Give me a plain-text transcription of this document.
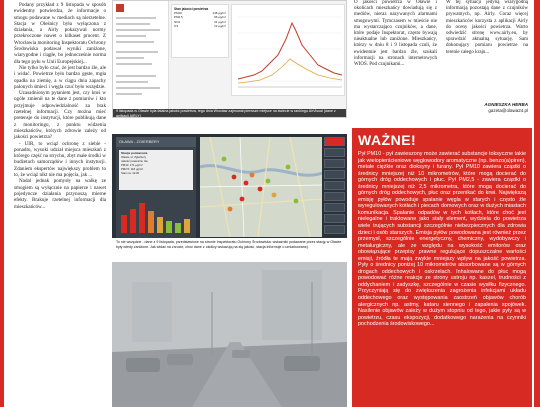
Podany przykład z 9 listopada w sposób ewidentny potwierdza, że informacje o smogu podawane w mediach są nierzetelne. Stacja w Oleśnicy była wyłączona z działania, a Airly pokazywał normy przekroczone nawet o kilkaset procent. Z Wrocławia monitoring Inspektoratu Ochrony Środowiska podawał wyniki zaniżone, wiarygodne i ciągłe, bo jednocześnie norma dla tego pyłu w Unii Europejskiej...

Nie tylko było czuć, że jest bardzo źle, ale i widać. Powietrze było bardzo gęste, mgła opadła na ziemię, a w ciągu dnia zapachy palonych śmieci i węgla czuć było wszędzie.

Uzasadnionym pytaniem jest, czy ktoś w ogóle zmienił na te dane z pomiarów i kto przyjmuje odpowiedzialność za brak rzetelnej informacji. Czy można mieć pretensje do instytucji, które publikują dane z monitoringu, z punktu widzenia mieszkańców, których zdrowie zależy od jakości powietrza?

- UIR, to wciąż ochronę z siebie - ponadto, wysoki udział miejsca mieszkań z którego część na strychu, zbyt małe środki w budżetach samorządów i innych instytucji. Zdaniem ekspertów największy problem to to, że wciąż nikt nie ma pojęcia, jak ...

Nadal jednak pomysły na walkę ze smogiem są wyłącznie na papierze i nawet pojedyncze działania przynoszą mierne efekty. Brakuje rzetelnej informacji dla mieszkańców...

Stan jakości powietrza
PM10	148 µg/m³
PM2.5	96 µg/m³
NO2	31 µg/m³
O3	12 µg/m³
9 listopada w Oławie była fatalna jakość powietrza, tego dnia Wrocław zajmował pierwsze miejsce na świecie w rankingu AirVisual (dane z aplikacji AIRLY)
OŁAWA - ZGIERBERY
Stacja pomiarowa
Oława, ul. Zgierbery
Jakość powietrza: zła
PM10: 171 µg/m³
PM2.5: 118 µg/m³
Stan na: 12:00
To nie wszędzie - dane z 9 listopada, przedstawione na stronie Inspektoratu Ochrony Środowiska: wskaźniki podawane przez stację w Oławie były wtedy zaniżone. Jak widać na zrzucie, choć dane z okolicy wskazują na złą jakość, stacja informuje o umiarkowanej.
O jakości powietrza w Oławie i okolicach mieszkańcy dowiadują się z mediów, nieraz nazywanych alarmami smogowymi. Tymczasem w mieście nie ma wystarczająco czujników, a dane, które podaje Inspektorat, często bywają nieaktualne lub zaniżone. Mieszkańcy, którzy w dniu 8 i 9 listopada czuli, że ewidentnie jest bardzo źle, szukali informacji na stronach internetowych WIOŚ. Pod czujnikami...
W tej sytuacji jedyną wiarygodną informacją pozostają dane z czujników prywatnych, np. Airly. Coraz więcej mieszkańców korzysta z aplikacji Airly do oceny jakości powietrza. Warto odwiedzić stronę www.airly.eu, by sprawdzić aktualną sytuację. Sam dokonujący pomiaru powietrze na terenie całego kraju...
AGNIESZKA HERBA
gazeta@olawa24.pl
WAŻNE!
Pył PM10 - pył zawieszony może zawierać substancje toksyczne takie jak wielopierścieniowe węglowodory aromatyczne (np. benzo(a)piren), metale ciężkie oraz dioksyny i furany. Pył PM10 zawiera cząstki o średnicy mniejszej niż 10 mikrometrów, które mogą docierać do górnych dróg oddechowych i płuc. Pył PM2,5 - zawiera cząstki o średnicy mniejszej niż 2,5 mikrometra, które mogą docierać do górnych dróg oddechowych, płuc oraz przenikać do krwi. Największą emisję pyłów powoduje spalanie węgla w starych i często źle wyregulowanych kotłach i piecach domowych oraz w dużych miastach komunikacja. Spalanie odpadów w tych kotłach, które choć jest nielegalne i traktowane jako stały element, wydziela do powietrza wiele trujących substancji szczególnie niebezpiecznych dla zdrowia dzieci i osób starszych. Emisja pyłów powodowana jest również przez przemysł, szczególnie energetyczny, chemiczny, wydobywczy i metalurgiczny, ale ze względu na wysokość emitorów oraz obowiązujące przepisy prawne regulujące dopuszczalne wartości emisji, źródła te mają zwykle mniejszy wpływ na jakość powietrza. Pyły o średnicy poniżej 10 mikrometrów absorbowane są w górnych drogach oddechowych i oskrzelach. Inhalowane do płuc mogą powodować różne reakcje ze strony ustroju np. kaszel, trudności z oddychaniem i zadyszkę, szczególnie w czasie wysiłku fizycznego. Przyczyniają się do zwiększenia zagrożenia infekcjami układu oddechowego oraz występowania zaostrzeń objawów chorób alergicznych np. astmy, kataru siennego i zapalenia spojówek. Nasilenie objawów zależy w dużym stopniu od tego, jakie pyły są w powietrzu, czasu ekspozycji, dodatkowego narażenia na czynniki pochodzenia środowiskowego...
